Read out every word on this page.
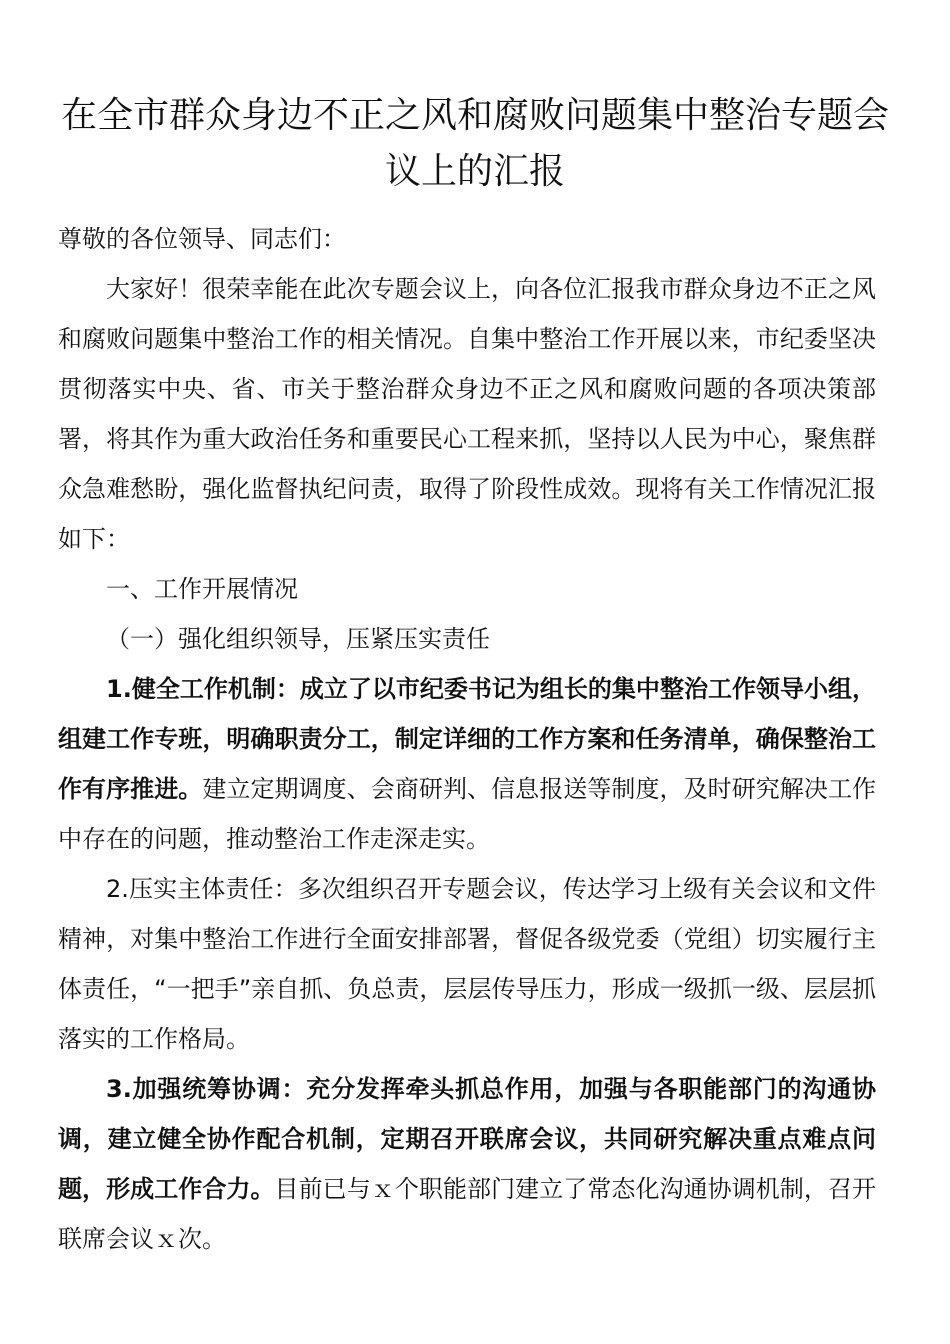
在全市群众身边不正之风和腐败问题集中整治专题会议上的汇报

尊敬的各位领导、同志们：

大家好！很荣幸能在此次专题会议上，向各位汇报我市群众身边不正之风和腐败问题集中整治工作的相关情况。自集中整治工作开展以来，市纪委坚决贯彻落实中央、省、市关于整治群众身边不正之风和腐败问题的各项决策部署，将其作为重大政治任务和重要民心工程来抓，坚持以人民为中心，聚焦群众急难愁盼，强化监督执纪问责，取得了阶段性成效。现将有关工作情况汇报如下：

一、工作开展情况

（一）强化组织领导，压紧压实责任

1.健全工作机制：成立了以市纪委书记为组长的集中整治工作领导小组，组建工作专班，明确职责分工，制定详细的工作方案和任务清单，确保整治工作有序推进。建立定期调度、会商研判、信息报送等制度，及时研究解决工作中存在的问题，推动整治工作走深走实。

2.压实主体责任：多次组织召开专题会议，传达学习上级有关会议和文件精神，对集中整治工作进行全面安排部署，督促各级党委（党组）切实履行主体责任，“一把手”亲自抓、负总责，层层传导压力，形成一级抓一级、层层抓落实的工作格局。

3.加强统筹协调：充分发挥牵头抓总作用，加强与各职能部门的沟通协调，建立健全协作配合机制，定期召开联席会议，共同研究解决重点难点问题，形成工作合力。目前已与ｘ个职能部门建立了常态化沟通协调机制，召开联席会议ｘ次。
